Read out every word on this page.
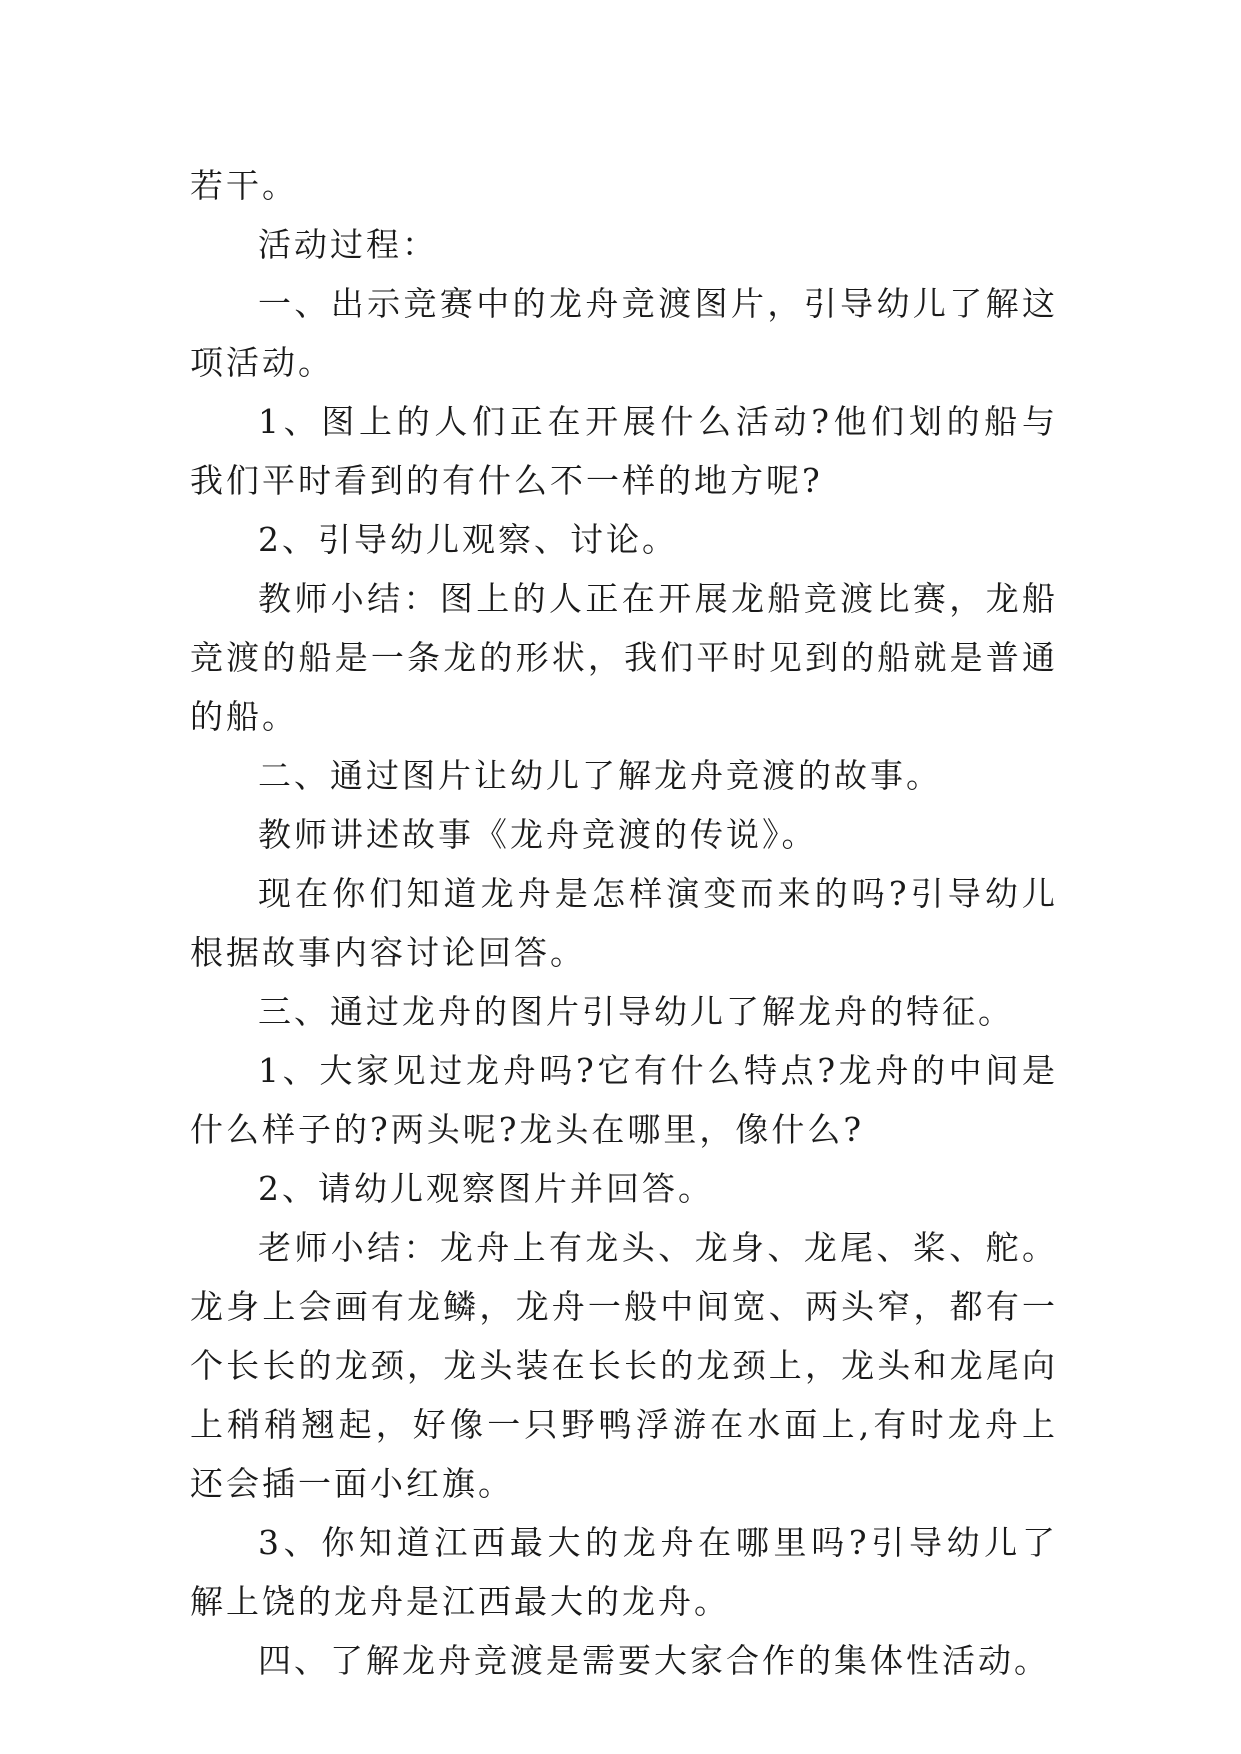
若干。

活动过程：

一、出示竞赛中的龙舟竞渡图片，引导幼儿了解这项活动。

1、图上的人们正在开展什么活动?他们划的船与我们平时看到的有什么不一样的地方呢?

2、引导幼儿观察、讨论。

教师小结：图上的人正在开展龙船竞渡比赛，龙船竞渡的船是一条龙的形状，我们平时见到的船就是普通的船。

二、通过图片让幼儿了解龙舟竞渡的故事。

教师讲述故事《龙舟竞渡的传说》。

现在你们知道龙舟是怎样演变而来的吗?引导幼儿根据故事内容讨论回答。

三、通过龙舟的图片引导幼儿了解龙舟的特征。

1、大家见过龙舟吗?它有什么特点?龙舟的中间是什么样子的?两头呢?龙头在哪里，像什么?

2、请幼儿观察图片并回答。

老师小结：龙舟上有龙头、龙身、龙尾、桨、舵。龙身上会画有龙鳞，龙舟一般中间宽、两头窄，都有一个长长的龙颈，龙头装在长长的龙颈上，龙头和龙尾向上稍稍翘起，好像一只野鸭浮游在水面上,有时龙舟上还会插一面小红旗。

3、你知道江西最大的龙舟在哪里吗?引导幼儿了解上饶的龙舟是江西最大的龙舟。

四、了解龙舟竞渡是需要大家合作的集体性活动。
